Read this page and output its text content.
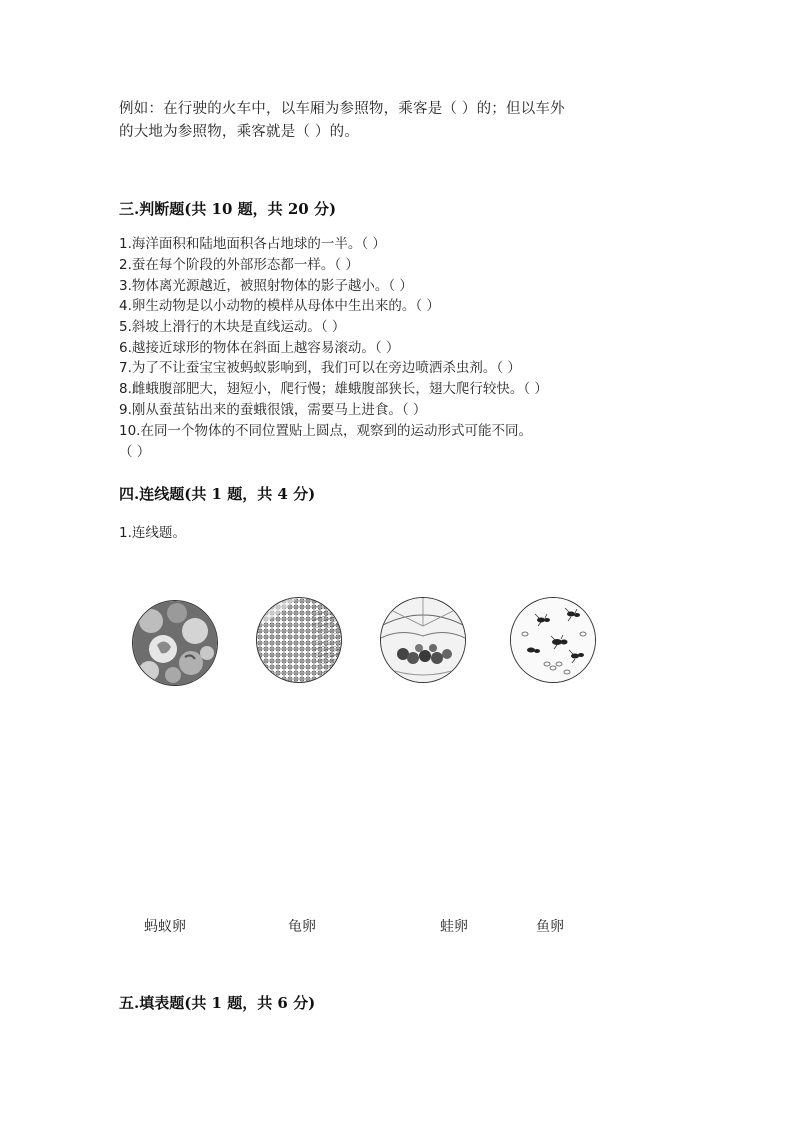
例如：在行驶的火车中，以车厢为参照物，乘客是（ ）的；但以车外
的大地为参照物，乘客就是（ ）的。
三.判断题(共 10 题，共 20 分)
1.海洋面积和陆地面积各占地球的一半。（ ）
2.蚕在每个阶段的外部形态都一样。（ ）
3.物体离光源越近，被照射物体的影子越小。（ ）
4.卵生动物是以小动物的模样从母体中生出来的。（ ）
5.斜坡上滑行的木块是直线运动。（ ）
6.越接近球形的物体在斜面上越容易滚动。（ ）
7.为了不让蚕宝宝被蚂蚁影响到，我们可以在旁边喷洒杀虫剂。（ ）
8.雌蛾腹部肥大，翅短小，爬行慢；雄蛾腹部狭长，翅大爬行较快。（ ）
9.刚从蚕茧钻出来的蚕蛾很饿，需要马上进食。（ ）
10.在同一个物体的不同位置贴上圆点，观察到的运动形式可能不同。
（ ）
四.连线题(共 1 题，共 4 分)
1.连线题。
蚂蚁卵	龟卵	蛙卵	鱼卵
五.填表题(共 1 题，共 6 分)
